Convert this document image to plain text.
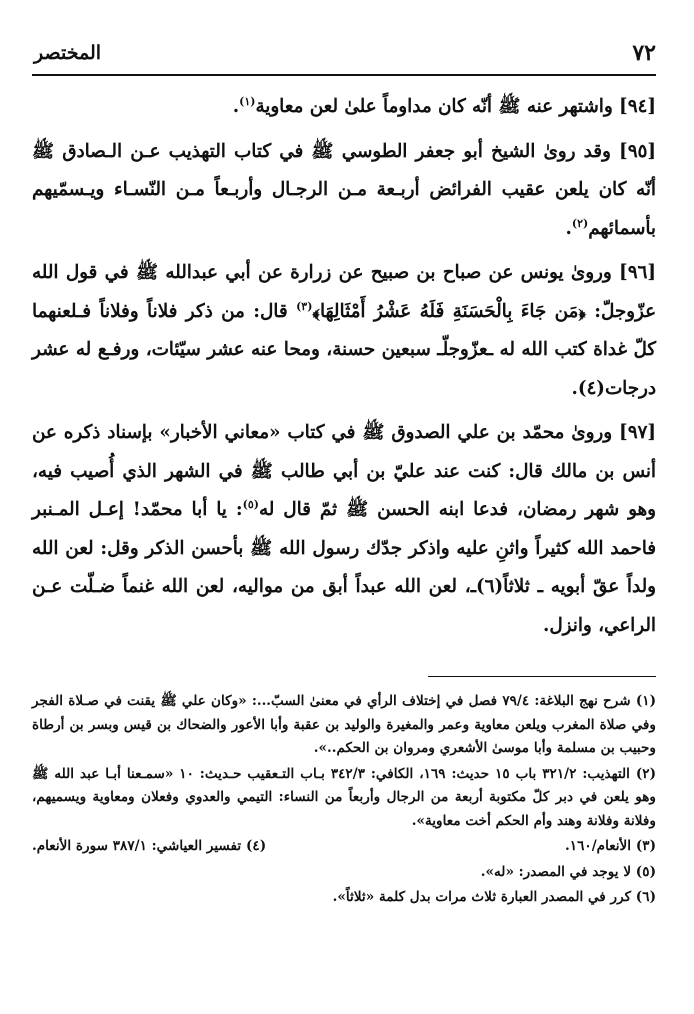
٧٢
المختصر

[٩٤] واشتهر عنه ﷺ أنّه كان مداوماً علىٰ لعن معاوية$^{(١)}$.

[٩٥] وقد روىٰ الشيخ أبو جعفر الطوسي ﷺ في كتاب التهذيب عـن الـصادق ﷺ أنّه كان يلعن عقيب الفرائض أربـعة مـن الرجـال وأربـعاً مـن النّسـاء ويـسمّيهم بأسمائهم$^{(٢)}$.

[٩٦] ورویٰ یونس عن صباح بن صبیح عن زرارة عن أبي عبدالله ﷺ في قول الله عزّوجلّ: ﴿مَن جَاءَ بِالْحَسَنَةِ فَلَهُ عَشْرُ أَمْثَالِهَا﴾$^{(٣)}$ قال: من ذكر فلاناً وفلاناً فـلعنهما كلّ غداة كتب الله له ـعزّوجلّـ سبعين حسنة، ومحا عنه عشر سيّئات، ورفـع له عشر درجات(٤).

[٩٧] وروىٰ محمّد بن علي الصدوق ﷺ في كتاب «معاني الأخبار» بإسناد ذكره عن أنس بن مالك قال: كنت عند عليّ بن أبي طالب ﷺ في الشهر الذي أُصيب فيه، وهو شهر رمضان، فدعا ابنه الحسن ﷺ ثمّ قال له$^{(٥)}$: يا أبا محمّد! إعـل المـنبر فاحمد الله كثيراً واثنِ عليه واذكر جدّك رسول الله ﷺ بأحسن الذكر وقل: لعن الله ولداً عقّ أبويه ـ ثلاثاً(٦)ـ، لعن الله عبداً أبق من مواليه، لعن الله غنماً ضـلّت عـن الراعي، وانزل.

(١) شرح نهج البلاغة: ٧٩/٤ فصل في إختلاف الرأي في معنىٰ السبّ...: «وكان علي ﷺ يقنت في صـلاة الفجر وفي صلاة المغرب ويلعن معاوية وعمر والمغيرة والوليد بن عقبة وأبا الأعور والضحاك بن قيس وبسر بن أرطاة وحبيب بن مسلمة وأبا موسىٰ الأشعري ومروان بن الحكم..».

(٢) التهذيب: ٣٢١/٢ باب ١٥ حديث: ١٦٩، الكافي: ٣٤٢/٣ بـاب التـعقيب حـديث: ١٠ «سمـعنا أبـا عبد الله ﷺ وهو يلعن في دبر كلّ مكتوبة أربعة من الرجال وأربعاً من النساء: التيمي والعدوي وفعلان ومعاوية ويسميهم، وفلانة وفلانة وهند وأم الحكم أخت معاوية».

(٣) الأنعام/١٦٠.
(٤) تفسير العياشي: ٣٨٧/١ سورة الأنعام.

(٥) لا يوجد في المصدر: «له».

(٦) كرر في المصدر العبارة ثلاث مرات بدل كلمة «ثلاثاً».
